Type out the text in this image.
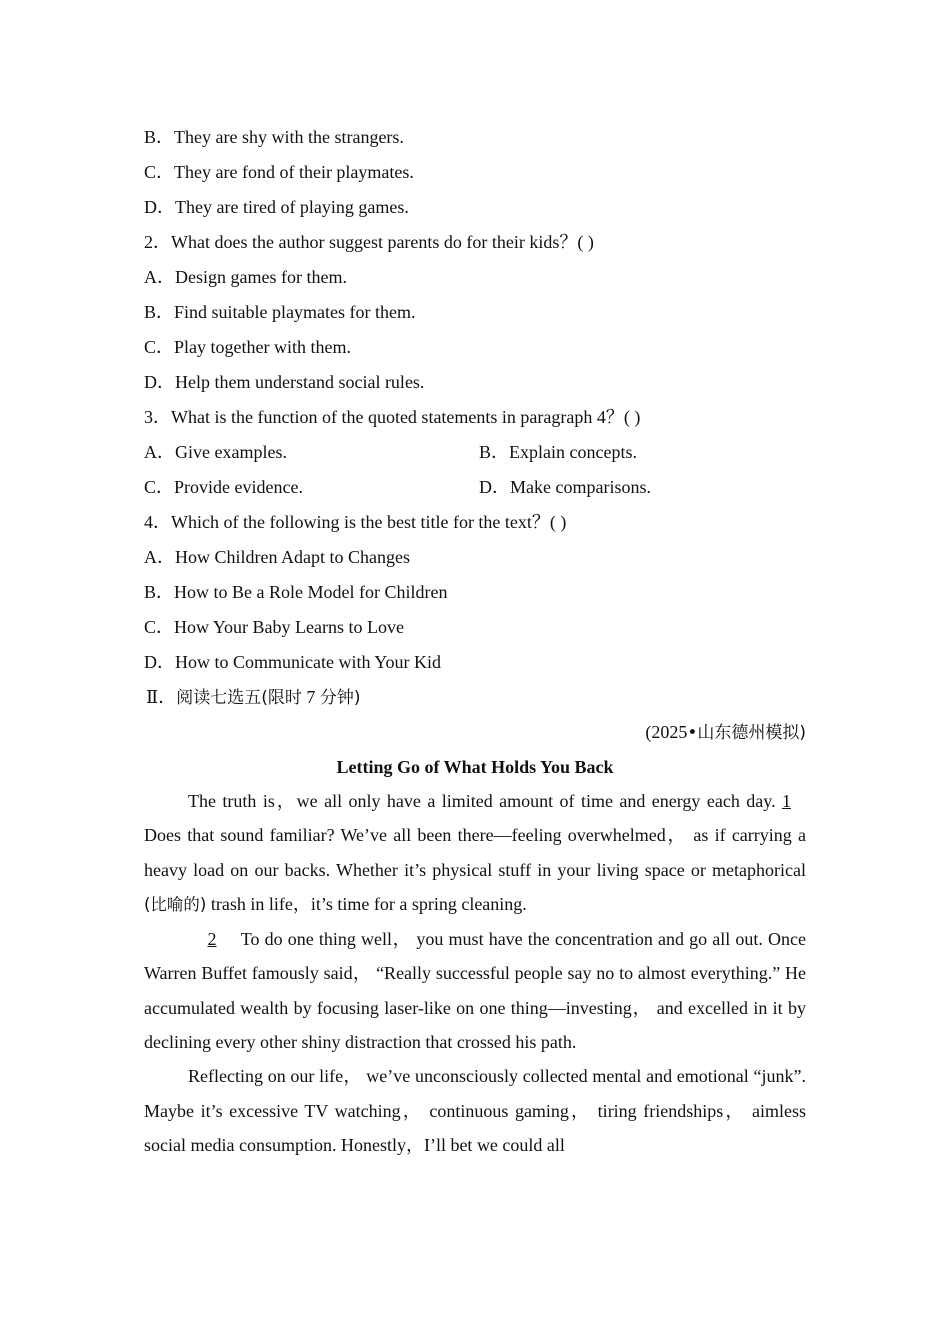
B．They are shy with the strangers.
C．They are fond of their playmates.
D．They are tired of playing games.
2．What does the author suggest parents do for their kids？( )
A．Design games for them.
B．Find suitable playmates for them.
C．Play together with them.
D．Help them understand social rules.
3．What is the function of the quoted statements in paragraph 4？( )
A．Give examples.	B．Explain concepts.
C．Provide evidence.	D．Make comparisons.
4．Which of the following is the best title for the text？( )
A．How Children Adapt to Changes
B．How to Be a Role Model for Children
C．How Your Baby Learns to Love
D．How to Communicate with Your Kid
Ⅱ．阅读七选五(限时 7 分钟)
(2025•山东德州模拟)
Letting Go of What Holds You Back

The truth is，we all only have a limited amount of time and energy each day. 1 Does that sound familiar? We’ve all been there—feeling overwhelmed， as if carrying a heavy load on our backs. Whether it’s physical stuff in your living space or metaphorical (比喻的) trash in life，it’s time for a spring cleaning.

2 To do one thing well， you must have the concentration and go all out. Once Warren Buffet famously said， “Really successful people say no to almost everything.” He accumulated wealth by focusing laser-like on one thing—investing， and excelled in it by declining every other shiny distraction that crossed his path.

Reflecting on our life， we’ve unconsciously collected mental and emotional “junk”. Maybe it’s excessive TV watching， continuous gaming， tiring friendships， aimless social media consumption. Honestly，I’ll bet we could all
